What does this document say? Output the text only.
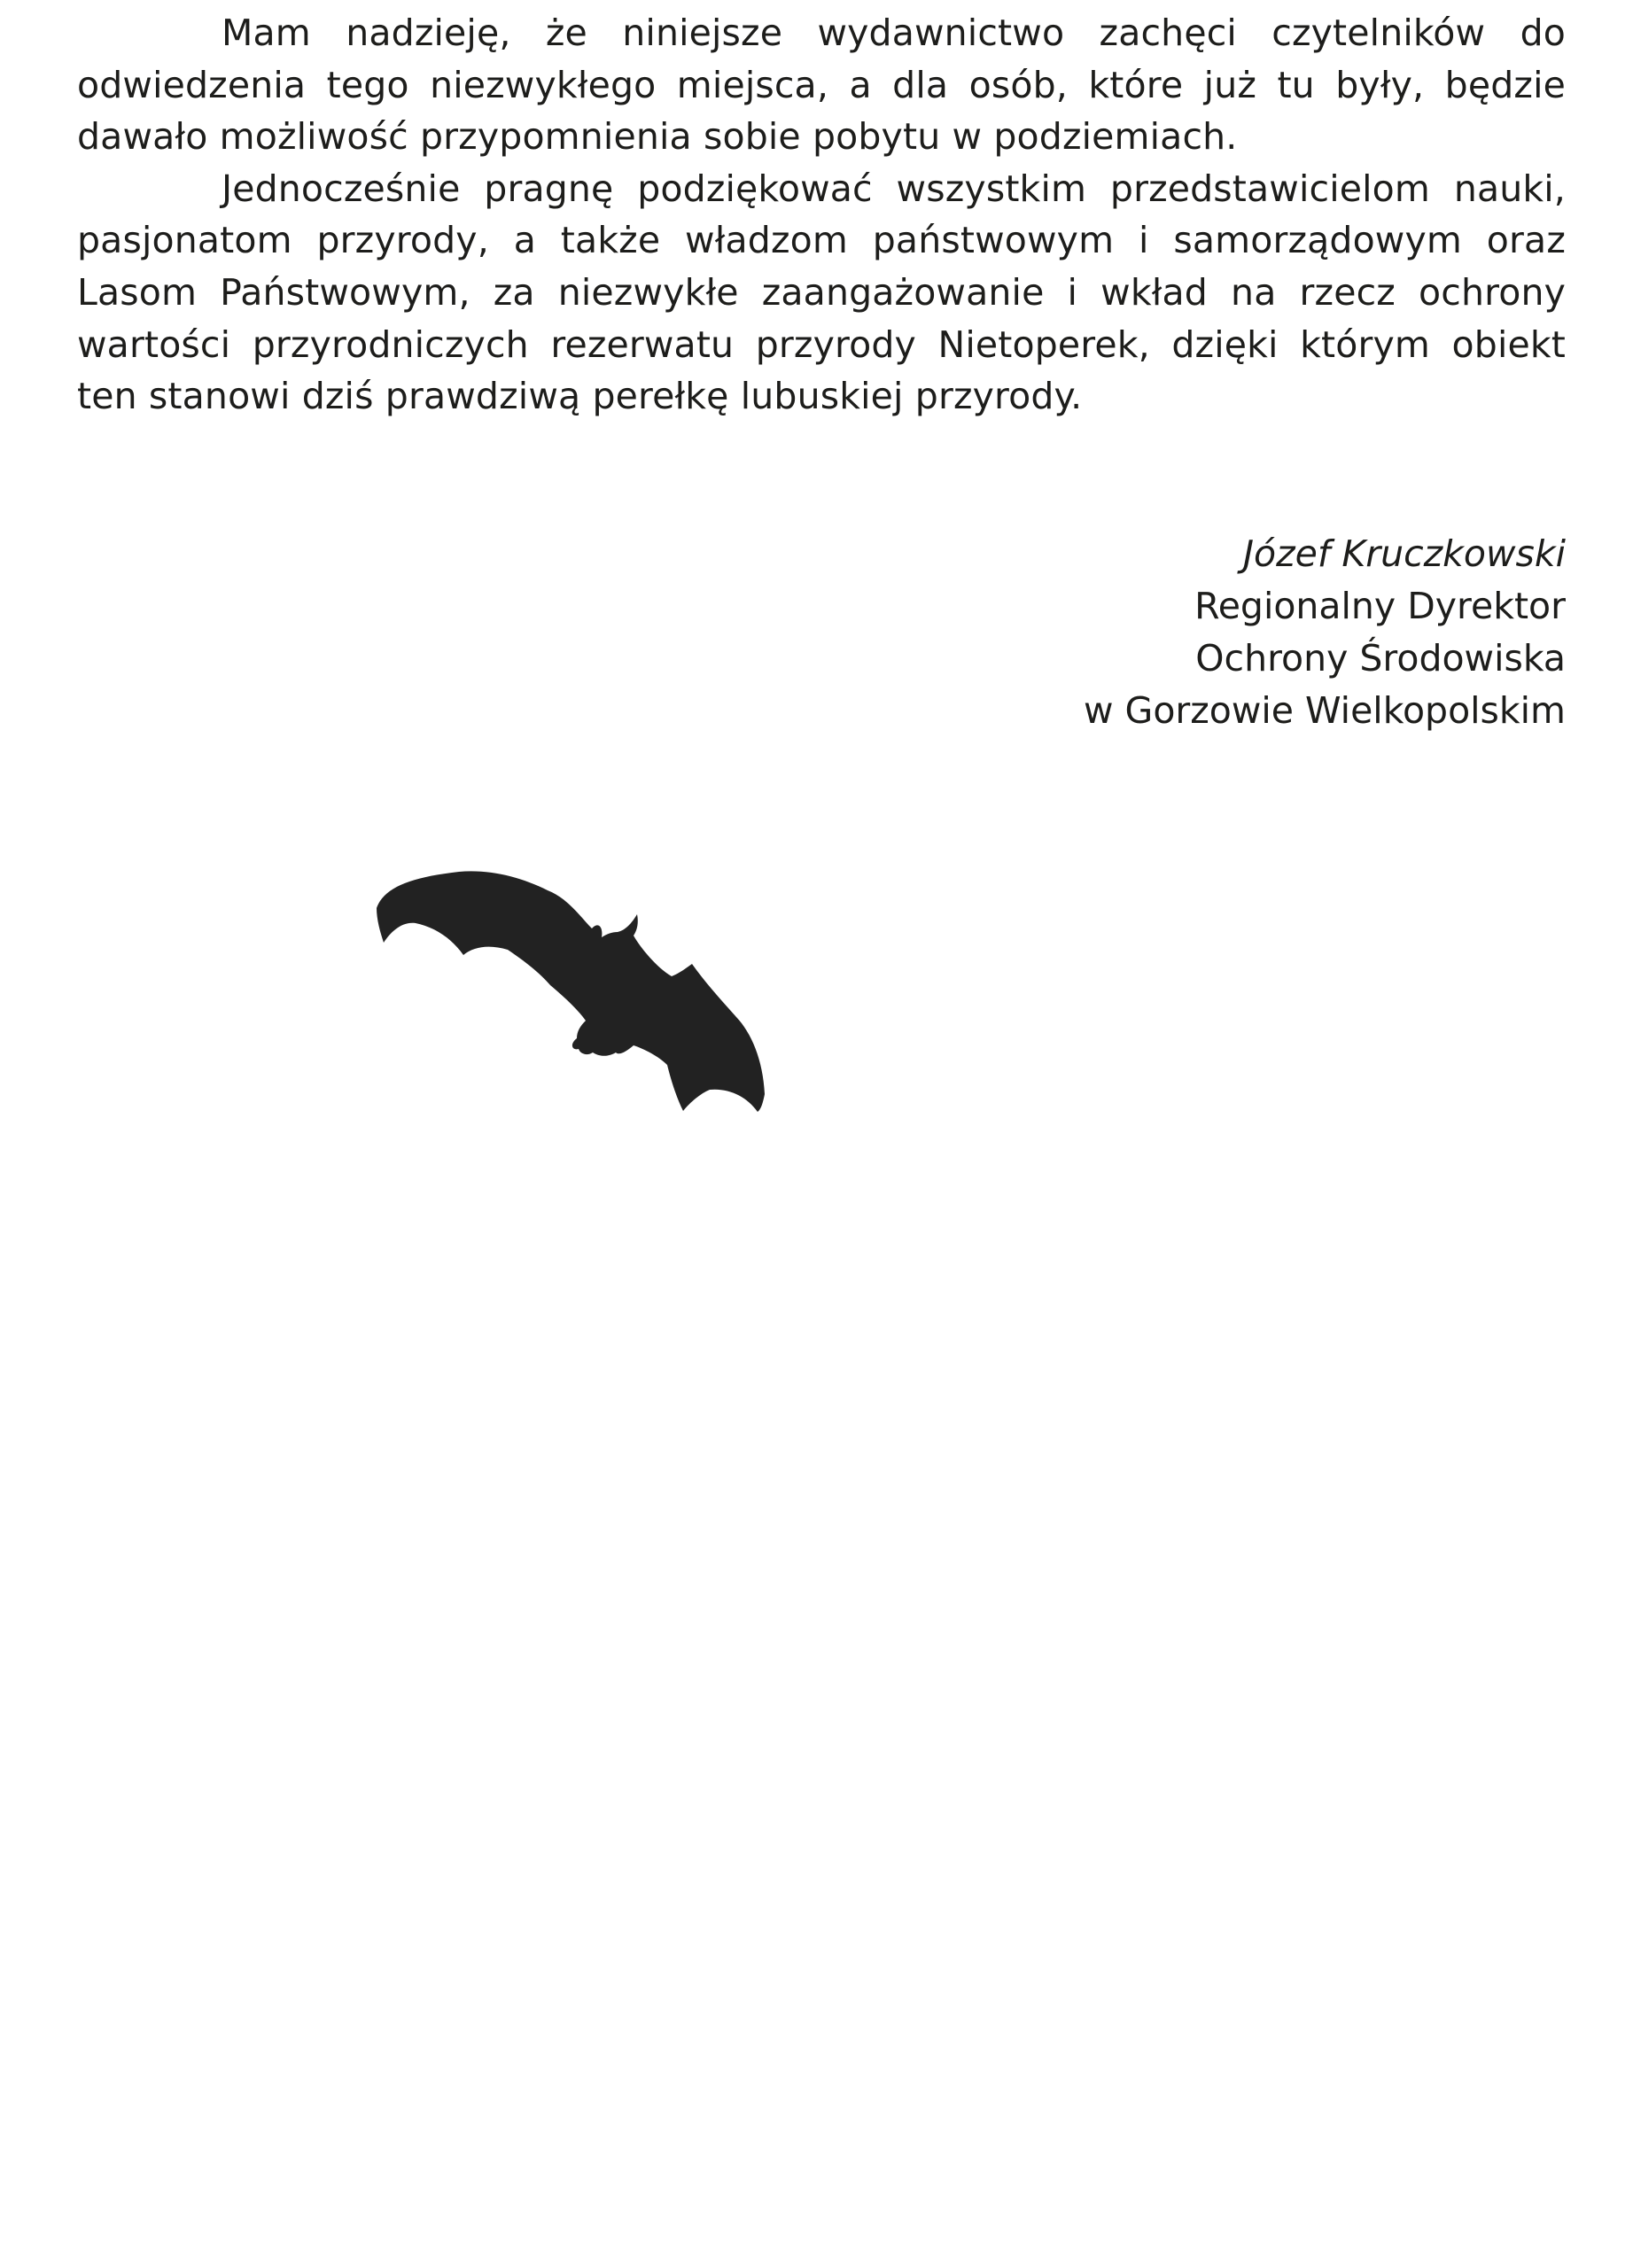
Mam nadzieję, że niniejsze wydawnictwo zachęci czytelników do odwiedzenia tego niezwykłego miejsca, a dla osób, które już tu były, będzie dawało możliwość przypomnienia sobie pobytu w podziemiach.

Jednocześnie pragnę podziękować wszystkim przedstawicielom nauki, pasjonatom przyrody, a także władzom państwowym i samorządowym oraz Lasom Państwowym, za niezwykłe zaangażowanie i wkład na rzecz ochrony wartości przyrodniczych rezerwatu przyrody Nietoperek, dzięki którym obiekt ten stanowi dziś prawdziwą perełkę lubuskiej przyrody.

Józef Kruczkowski
Regionalny Dyrektor
Ochrony Środowiska
w Gorzowie Wielkopolskim
